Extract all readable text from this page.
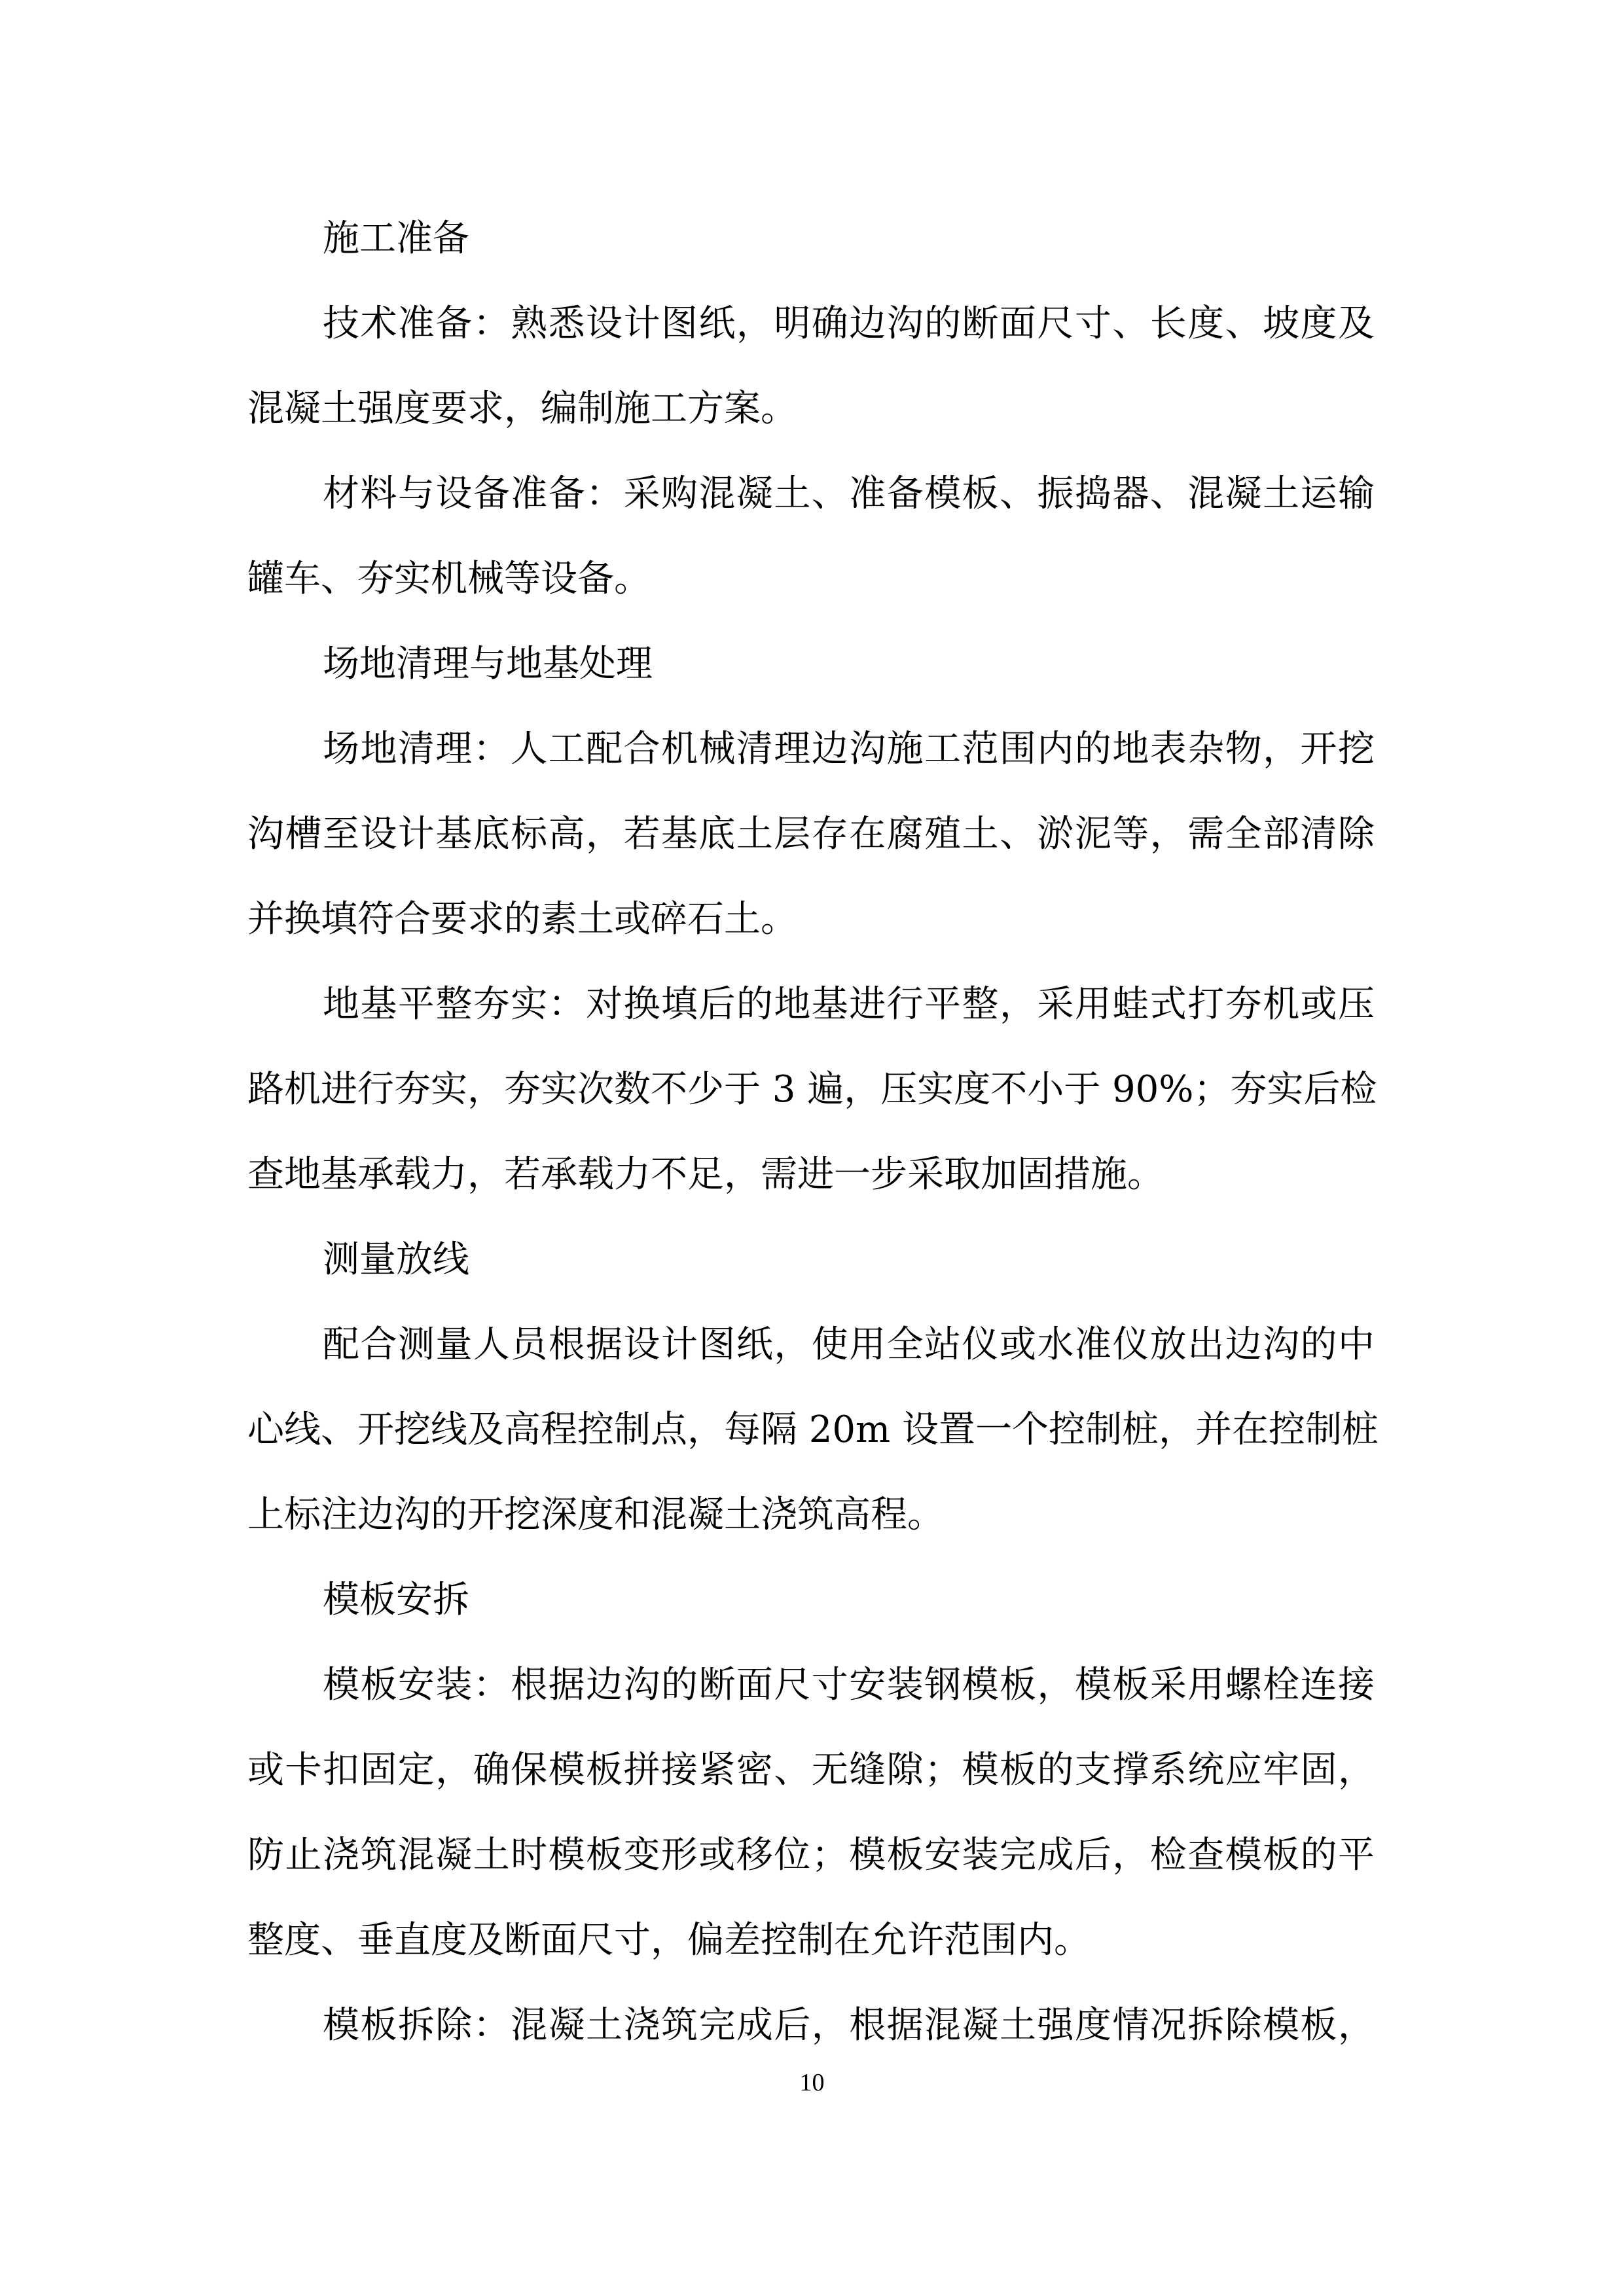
施工准备
技术准备：熟悉设计图纸，明确边沟的断面尺寸、长度、坡度及
混凝土强度要求，编制施工方案。
材料与设备准备：采购混凝土、准备模板、振捣器、混凝土运输
罐车、夯实机械等设备。
场地清理与地基处理
场地清理：人工配合机械清理边沟施工范围内的地表杂物，开挖
沟槽至设计基底标高，若基底土层存在腐殖土、淤泥等，需全部清除
并换填符合要求的素土或碎石土。
地基平整夯实：对换填后的地基进行平整，采用蛙式打夯机或压
路机进行夯实，夯实次数不少于 3 遍，压实度不小于 90%；夯实后检
查地基承载力，若承载力不足，需进一步采取加固措施。
测量放线
配合测量人员根据设计图纸，使用全站仪或水准仪放出边沟的中
心线、开挖线及高程控制点，每隔 20m 设置一个控制桩，并在控制桩
上标注边沟的开挖深度和混凝土浇筑高程。
模板安拆
模板安装：根据边沟的断面尺寸安装钢模板，模板采用螺栓连接
或卡扣固定，确保模板拼接紧密、无缝隙；模板的支撑系统应牢固，
防止浇筑混凝土时模板变形或移位；模板安装完成后，检查模板的平
整度、垂直度及断面尺寸，偏差控制在允许范围内。
模板拆除：混凝土浇筑完成后，根据混凝土强度情况拆除模板，
10
